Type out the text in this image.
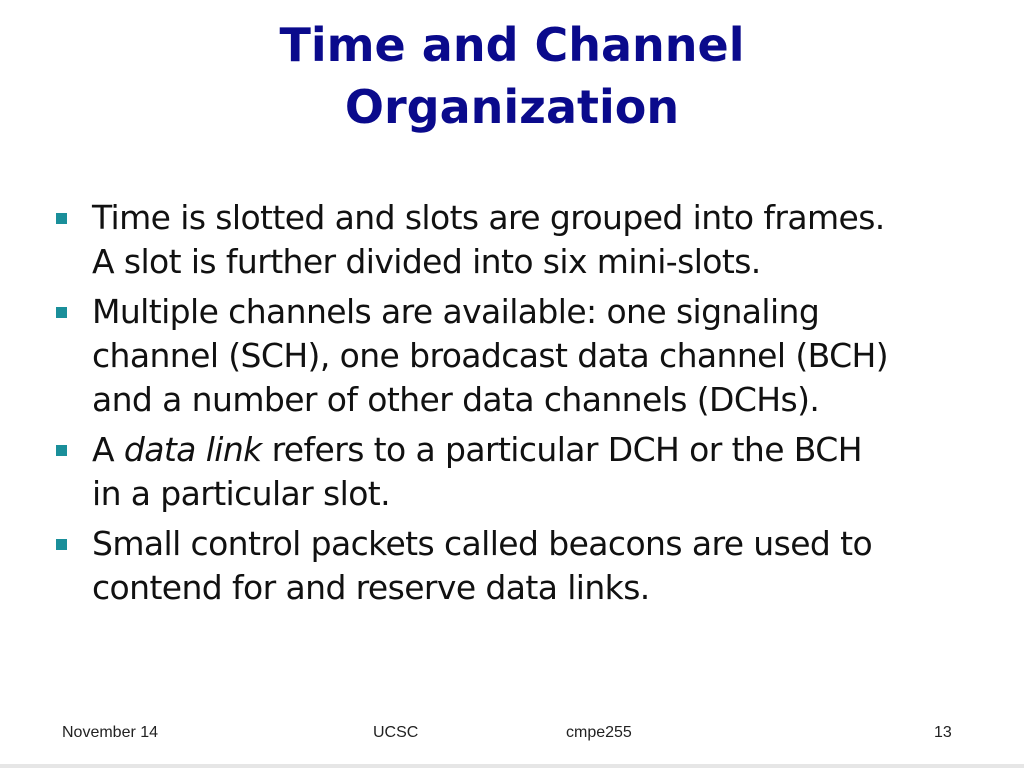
Time and Channel
Organization
Time is slotted and slots are grouped into frames.
A slot is further divided into six mini-slots.
Multiple channels are available: one signaling
channel (SCH), one broadcast data channel (BCH)
and a number of other data channels (DCHs).
A data link refers to a particular DCH or the BCH
in a particular slot.
Small control packets called beacons are used to
contend for and reserve data links.
November 14	UCSC	cmpe255	13
